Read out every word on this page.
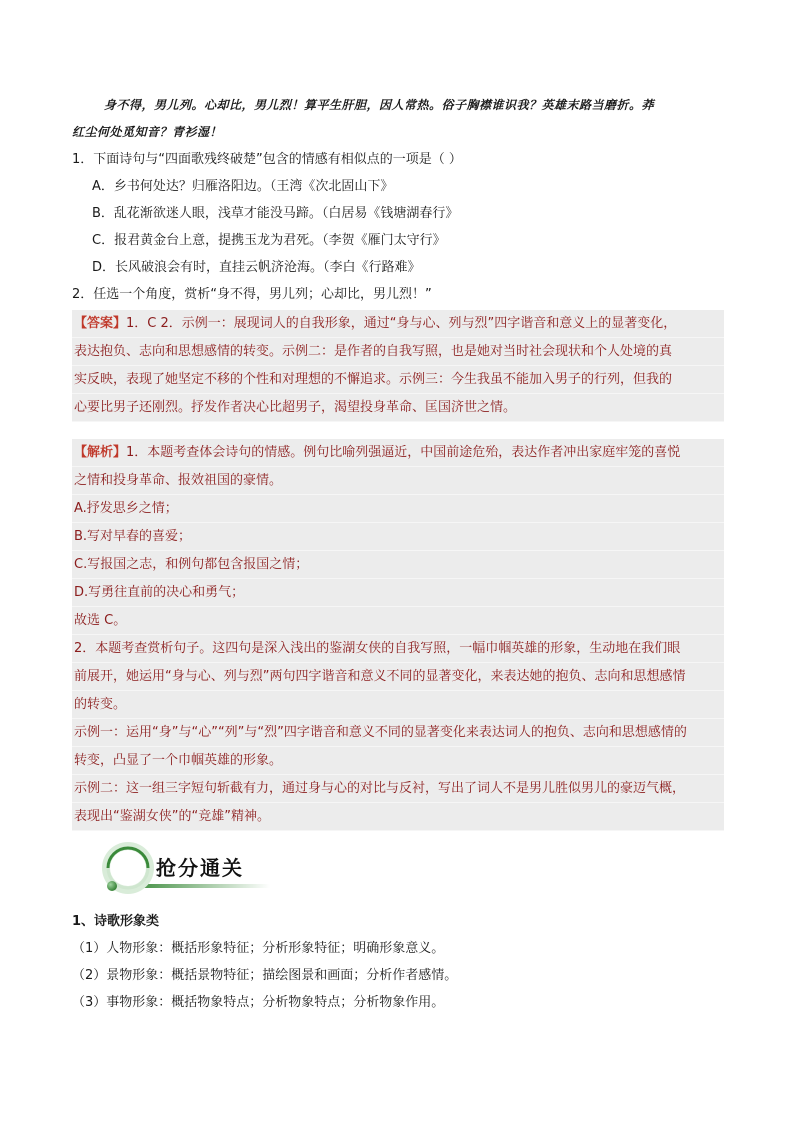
身不得，男儿列。心却比，男儿烈！算平生肝胆，因人常热。俗子胸襟谁识我？英雄末路当磨折。莽
红尘何处觅知音？青衫湿！
1．下面诗句与“四面歌残终破楚”包含的情感有相似点的一项是（ ）
A．乡书何处达？归雁洛阳边。（王湾《次北固山下》
B．乱花渐欲迷人眼，浅草才能没马蹄。（白居易《钱塘湖春行》
C．报君黄金台上意，提携玉龙为君死。（李贺《雁门太守行》
D．长风破浪会有时，直挂云帆济沧海。（李白《行路难》
2．任选一个角度，赏析“身不得，男儿列；心却比，男儿烈！”
【答案】1．C 2．示例一：展现词人的自我形象，通过“身与心、列与烈”四字谐音和意义上的显著变化，
表达抱负、志向和思想感情的转变。示例二：是作者的自我写照，也是她对当时社会现状和个人处境的真
实反映，表现了她坚定不移的个性和对理想的不懈追求。示例三：今生我虽不能加入男子的行列，但我的
心要比男子还刚烈。抒发作者决心比超男子，渴望投身革命、匡国济世之情。
【解析】1．本题考查体会诗句的情感。例句比喻列强逼近，中国前途危殆，表达作者冲出家庭牢笼的喜悦
之情和投身革命、报效祖国的豪情。
A.抒发思乡之情；
B.写对早春的喜爱；
C.写报国之志，和例句都包含报国之情；
D.写勇往直前的决心和勇气；
故选 C。
2．本题考查赏析句子。这四句是深入浅出的鉴湖女侠的自我写照，一幅巾帼英雄的形象，生动地在我们眼
前展开，她运用“身与心、列与烈”两句四字谐音和意义不同的显著变化，来表达她的抱负、志向和思想感情
的转变。
示例一：运用“身”与“心”“列”与“烈”四字谐音和意义不同的显著变化来表达词人的抱负、志向和思想感情的
转变，凸显了一个巾帼英雄的形象。
示例二：这一组三字短句斩截有力，通过身与心的对比与反衬，写出了词人不是男儿胜似男儿的豪迈气概，
表现出“鉴湖女侠”的“竞雄”精神。
抢分通关
1、诗歌形象类
（1）人物形象：概括形象特征；分析形象特征；明确形象意义。
（2）景物形象：概括景物特征；描绘图景和画面；分析作者感情。
（3）事物形象：概括物象特点；分析物象特点；分析物象作用。
